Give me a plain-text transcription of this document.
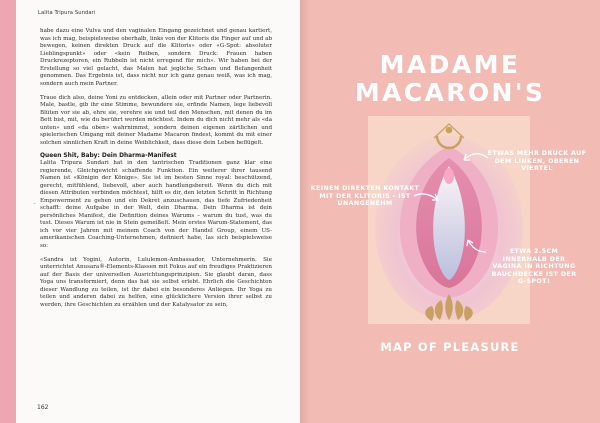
Lalita Tripura Sundari
–

habe dazu eine Vulva und den vaginalen Eingang gezeichnet und genau kartiert, was ich mag, beispielsweise oberhalb, links von der Klitoris die Finger auf und ab bewegen, keinen direkten Druck auf die Klitoris» oder «G-Spot: absoluter Lieblingspunkt» oder «kein Reiben, sondern Druck: Frauen haben Druckrezeptoren, ein Rubbeln ist nicht erregend für mich». Wir haben bei der Erstellung so viel gelacht, das Malen hat jegliche Scham und Befangenheit genommen. Das Ergebnis ist, dass nicht nur ich ganz genau weiß, was ich mag, sondern auch mein Partner.

Traue dich also, deine Yoni zu entdecken, allein oder mit Partner oder Partnerin. Male, bastle, gib ihr eine Stimme, bewundere sie, erfinde Namen, lege liebevoll Blüten vor sie ab, ehre sie, verehre sie und teil den Menschen, mit denen du im Bett bist, mit, wie du berührt werden möchtest. Indem du dich nicht mehr als «da unten» und «da oben» wahrnimmst, sondern deinen eigenen zärtlichen und spielerischen Umgang mit deiner Madame Macaron findest, kommt du mit einer solchen sinnlichen Kraft in deine Weiblichkeit, dass diese dein Leben beflügelt.

Queen Shit, Baby: Dein Dharma-Manifest

Lalita Tripura Sundari hat in den tantrischen Traditionen ganz klar eine regierende, Gleichgewicht schaffende Funktion. Ein weiterer ihrer tausend Namen ist «Königin der Könige». Sie ist im besten Sinne royal: beschützend, gerecht, mitfühlend, liebevoll, aber auch handlungsbereit. Wenn du dich mit diesen Attributen verbinden möchtest, hilft es dir, den letzten Schritt in Richtung Empowerment zu gehen und ein Dekret anzuschauen, das tiefe Zufriedenheit schafft: deine Aufgabe in der Welt, dein Dharma. Dein Dharma ist dein persönliches Manifest, die Definition deines Warums – warum du tust, was du tust. Dieses Warum ist nie in Stein gemeißelt. Mein erstes Warum-Statement, das ich vor vier Jahren mit meinem Coach von der Handel Group, einem US-amerikanischen Coaching-Unternehmen, definiert habe, las sich beispielsweise so:

«Sandra ist Yogini, Autorin, Lululemon-Ambassador, Unternehmerin. Sie unterrichtet Anusara®-Elements-Klassen mit Fokus auf ein freudiges Praktizieren auf der Basis der universellen Ausrichtungsprinzipien. Sie glaubt daran, dass Yoga uns transformiert, denn das hat sie selbst erlebt. Ehrlich die Geschichten dieser Wandlung zu teilen, ist ihr dabei ein besonderes Anliegen. Ihr Yoga zu teilen und anderen dabei zu helfen, eine glücklichere Version ihrer selbst zu werden, ihre Geschichten zu erzählen und der Katalysator zu sein,

162
MADAME
MACARON'S
ETWAS MEHR DRUCK AUF DEM LINKEN, OBEREN VIERTEL
KEINEN DIREKTEN KONTAKT MIT DER KLITORIS - IST UNANGENEHM
ETWA 2.5CM INNERHALB DER VAGINA IN RICHTUNG BAUCHDECKE IST DER G-SPOT!
MAP OF PLEASURE
